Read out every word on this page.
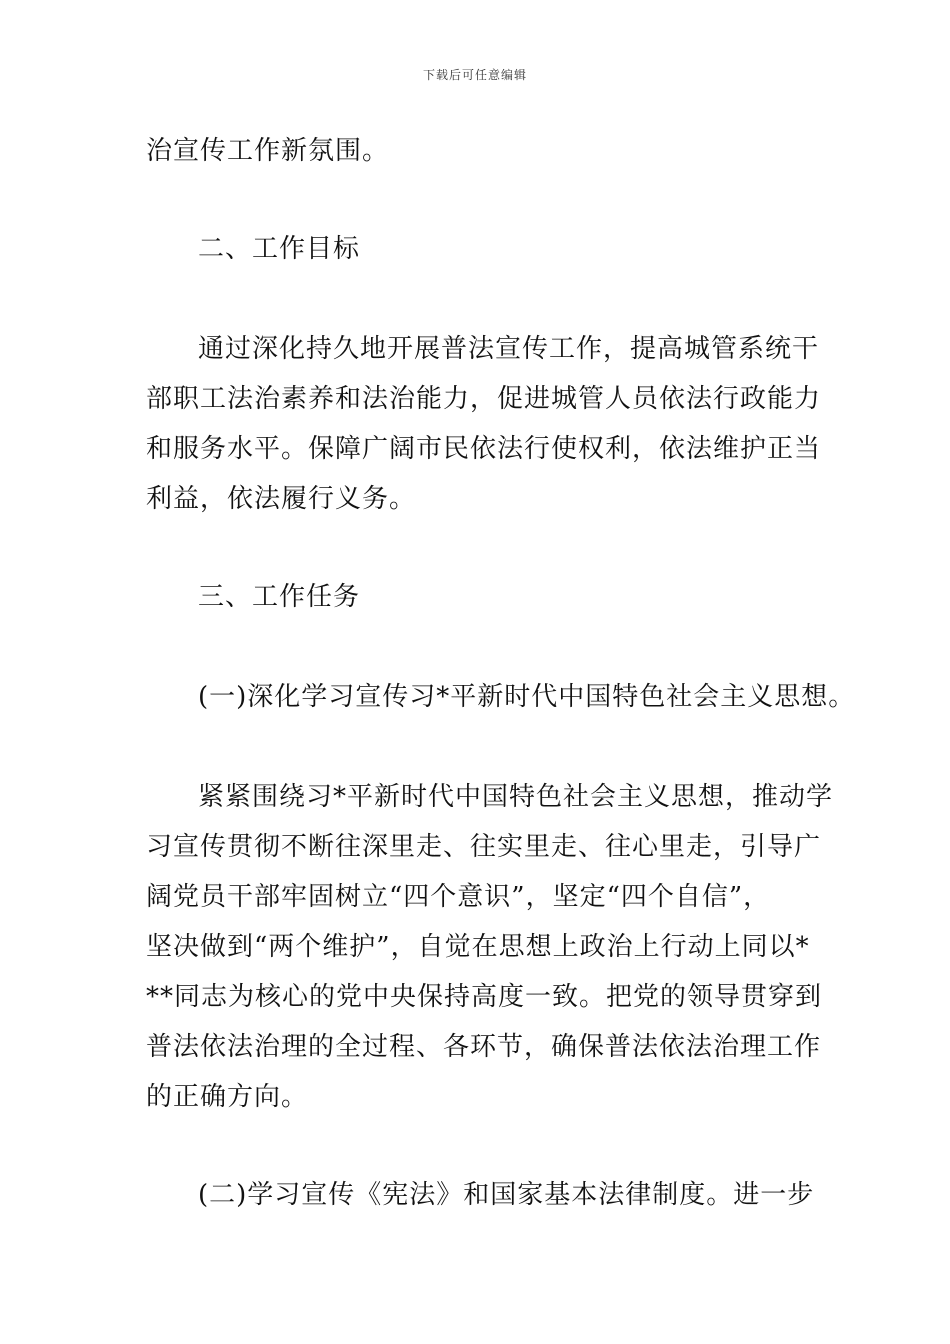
下载后可任意编辑
治宣传工作新氛围。
二、工作目标
通过深化持久地开展普法宣传工作，提高城管系统干
部职工法治素养和法治能力，促进城管人员依法行政能力
和服务水平。保障广阔市民依法行使权利，依法维护正当
利益，依法履行义务。
三、工作任务
(一)深化学习宣传习*平新时代中国特色社会主义思想。
紧紧围绕习*平新时代中国特色社会主义思想，推动学
习宣传贯彻不断往深里走、往实里走、往心里走，引导广
阔党员干部牢固树立“四个意识”，坚定“四个自信”，
坚决做到“两个维护”，自觉在思想上政治上行动上同以*
**同志为核心的党中央保持高度一致。把党的领导贯穿到
普法依法治理的全过程、各环节，确保普法依法治理工作
的正确方向。
(二)学习宣传《宪法》和国家基本法律制度。进一步
